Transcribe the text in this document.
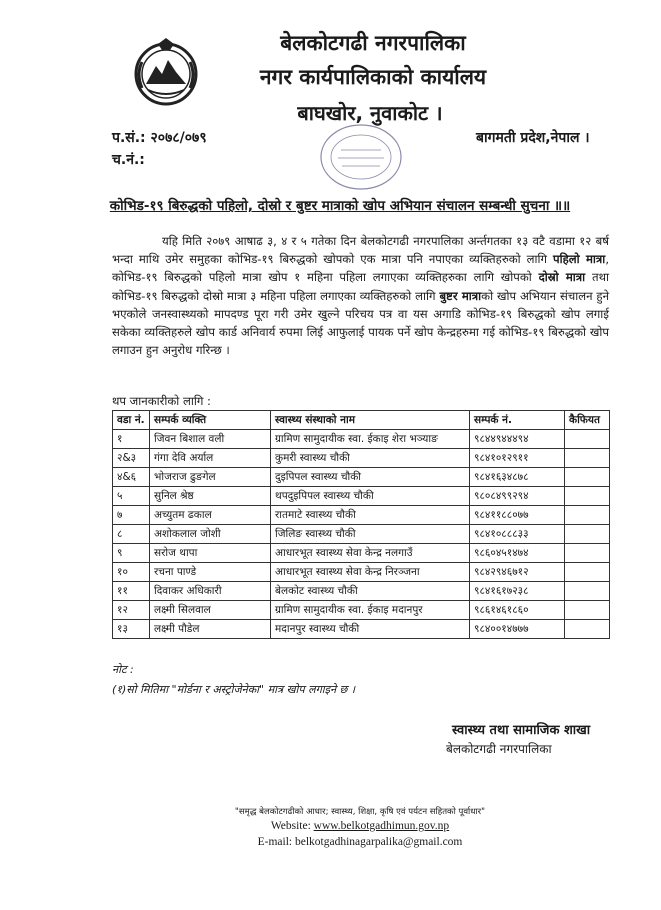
बेलकोटगढी नगरपालिका
नगर कार्यपालिकाको कार्यालय
बाघखोर, नुवाकोट ।
प.सं.: २०७८/०७९
च.नं.:
बागमती प्रदेश,नेपाल ।
कोभिड-१९ बिरुद्धको पहिलो, दोस्रो र बुष्टर मात्राको खोप अभियान संचालन सम्बन्धी सुचना ॥॥
यहि मिति २०७९ आषाढ ३, ४ र ५ गतेका दिन बेलकोटगढी नगरपालिका अर्न्तगतका १३ वटै वडामा १२ बर्ष भन्दा माथि उमेर समुहका कोभिड-१९ बिरुद्धको खोपको एक मात्रा पनि नपाएका व्यक्तिहरुको लागि पहिलो मात्रा, कोभिड-१९ बिरुद्धको पहिलो मात्रा खोप १ महिना पहिला लगाएका व्यक्तिहरुका लागि खोपको दोस्रो मात्रा तथा कोभिड-१९ बिरुद्धको दोस्रो मात्रा ३ महिना पहिला लगाएका व्यक्तिहरुको लागि बुष्टर मात्राको खोप अभियान संचालन हुने भएकोले जनस्वास्थ्यको मापदण्ड पूरा गरी उमेर खुल्ने परिचय पत्र वा यस अगाडि कोभिड-१९ बिरुद्धको खोप लगाई सकेका व्यक्तिहरुले खोप कार्ड अनिवार्य रुपमा लिई आफुलाई पायक पर्ने खोप केन्द्रहरुमा गई कोभिड-१९ बिरुद्धको खोप लगाउन हुन अनुरोध गरिन्छ ।
थप जानकारीको लागि :
वडा नं.	सम्पर्क व्यक्ति	स्वास्थ्य संस्थाको नाम	सम्पर्क नं.	कैफियत
१	जिवन बिशाल वली	ग्रामिण सामुदायीक स्वा. ईकाइ शेरा भञ्याङ	९८४४९४४४९४	
२&३	गंगा देवि अर्याल	कुमरी स्वास्थ्य चौकी	९८४१०१२९११	
४&६	भोजराज ढुङगेल	दुइपिपल स्वास्थ्य चौकी	९८४१६३४८७८	
५	सुनिल श्रेष्ठ	थपदुइपिपल स्वास्थ्य चौकी	९८०८४९९२९४	
७	अच्युतम ढकाल	रातमाटे स्वास्थ्य चौकी	९८४११८८०७७	
८	अशोकलाल जोशी	जिलिङ स्वास्थ्य चौकी	९८४१०८८८३३	
९	सरोज थापा	आधारभूत स्वास्थ्य सेवा केन्द्र नलगाउँ	९८६०४५१४७४	
१०	रचना पाण्डे	आधारभूत स्वास्थ्य सेवा केन्द्र निरञ्जना	९८४२९४६७१२	
११	दिवाकर अधिकारी	बेलकोट स्वास्थ्य चौकी	९८४१६१७२३८	
१२	लक्ष्मी सिलवाल	ग्रामिण सामुदायीक स्वा. ईकाइ मदानपुर	९८६१४६१८६०	
१३	लक्ष्मी पौडेल	मदानपुर स्वास्थ्य चौकी	९८४००१४७७७	
नोट :
(१)सो मितिमा "मोर्डना र अस्ट्रोजेनेका" मात्र खोप लगाइने छ ।
स्वास्थ्य तथा सामाजिक शाखा
बेलकोटगढी नगरपालिका
"समृद्ध बेलकोटगढीको आधार; स्वास्थ्य, शिक्षा, कृषि एवं पर्यटन सहितको पूर्वाधार"
Website: www.belkotgadhimun.gov.np
E-mail: belkotgadhinagarpalika@gmail.com
